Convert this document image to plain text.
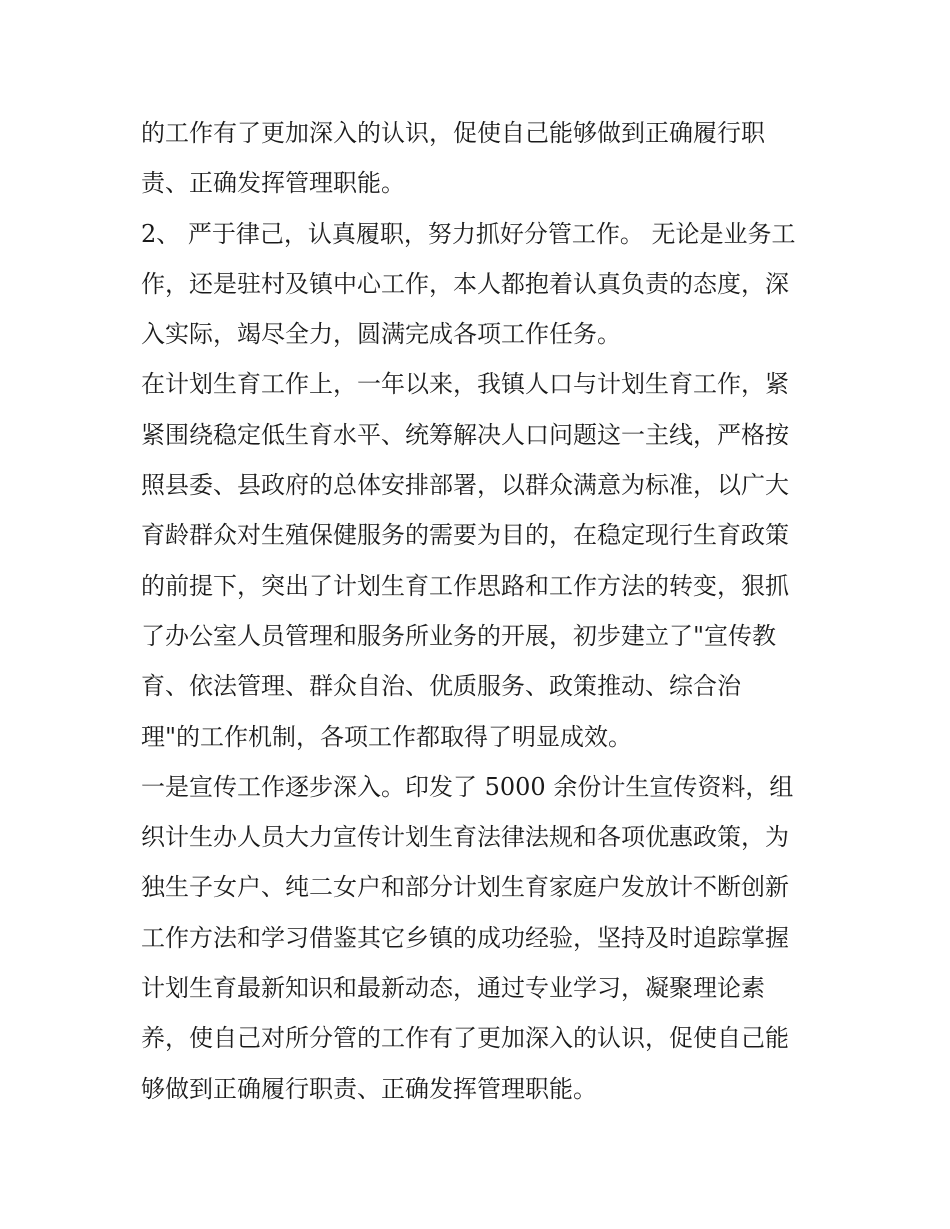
的工作有了更加深入的认识，促使自己能够做到正确履行职
责、正确发挥管理职能。
2、 严于律己，认真履职，努力抓好分管工作。 无论是业务工
作，还是驻村及镇中心工作，本人都抱着认真负责的态度，深
入实际，竭尽全力，圆满完成各项工作任务。
在计划生育工作上，一年以来，我镇人口与计划生育工作，紧
紧围绕稳定低生育水平、统筹解决人口问题这一主线，严格按
照县委、县政府的总体安排部署，以群众满意为标准，以广大
育龄群众对生殖保健服务的需要为目的，在稳定现行生育政策
的前提下，突出了计划生育工作思路和工作方法的转变，狠抓
了办公室人员管理和服务所业务的开展，初步建立了"宣传教
育、依法管理、群众自治、优质服务、政策推动、综合治
理"的工作机制，各项工作都取得了明显成效。
一是宣传工作逐步深入。印发了 5000 余份计生宣传资料，组
织计生办人员大力宣传计划生育法律法规和各项优惠政策，为
独生子女户、纯二女户和部分计划生育家庭户发放计不断创新
工作方法和学习借鉴其它乡镇的成功经验，坚持及时追踪掌握
计划生育最新知识和最新动态，通过专业学习，凝聚理论素
养，使自己对所分管的工作有了更加深入的认识，促使自己能
够做到正确履行职责、正确发挥管理职能。
